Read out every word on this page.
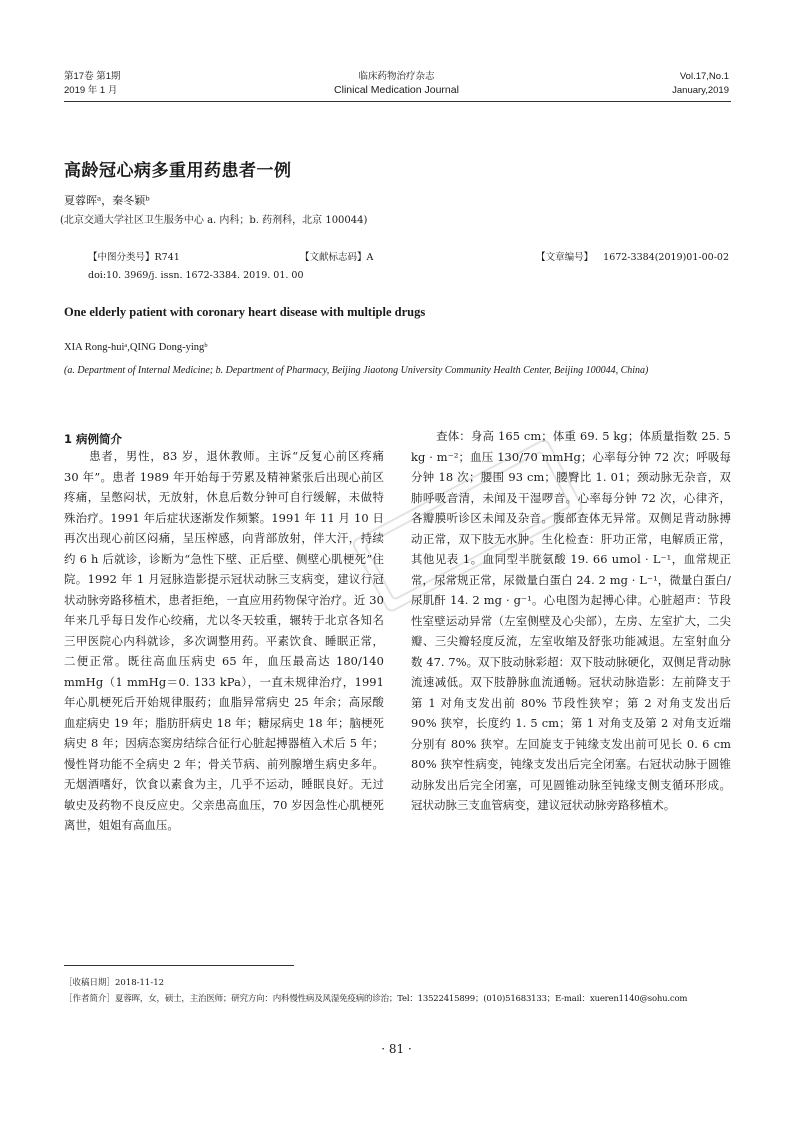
第17卷 第1期
2019 年 1 月
临床药物治疗杂志
Clinical Medication Journal
Vol.17,No.1
January,2019
高龄冠心病多重用药患者一例
夏蓉晖ᵃ，秦冬颖ᵇ
(北京交通大学社区卫生服务中心 a. 内科；b. 药剂科，北京 100044)
【中图分类号】R741	【文献标志码】A	【文章编号】 1672-3384(2019)01-00-02
doi:10. 3969/j. issn. 1672-3384. 2019. 01. 00
One elderly patient with coronary heart disease with multiple drugs
XIA Rong-huiᵃ,QING Dong-yingᵇ
(a. Department of Internal Medicine; b. Department of Pharmacy, Beijing Jiaotong University Community Health Center, Beijing 100044, China)
1 病例简介

患者，男性，83 岁，退休教师。主诉“反复心前区疼痛 30 年”。患者 1989 年开始每于劳累及精神紧张后出现心前区疼痛，呈憋闷状，无放射，休息后数分钟可自行缓解，未做特殊治疗。1991 年后症状逐渐发作频繁。1991 年 11 月 10 日再次出现心前区闷痛，呈压榨感，向背部放射，伴大汗，持续约 6 h 后就诊，诊断为“急性下壁、正后壁、侧壁心肌梗死”住院。1992 年 1 月冠脉造影提示冠状动脉三支病变，建议行冠状动脉旁路移植术，患者拒绝，一直应用药物保守治疗。近 30 年来几乎每日发作心绞痛，尤以冬天较重，辗转于北京各知名三甲医院心内科就诊，多次调整用药。平素饮食、睡眠正常，二便正常。既往高血压病史 65 年，血压最高达 180/140 mmHg（1 mmHg＝0. 133 kPa），一直未规律治疗，1991 年心肌梗死后开始规律服药；血脂异常病史 25 年余；高尿酸血症病史 19 年；脂肪肝病史 18 年；糖尿病史 18 年；脑梗死病史 8 年；因病态窦房结综合征行心脏起搏器植入术后 5 年；慢性肾功能不全病史 2 年；骨关节病、前列腺增生病史多年。无烟酒嗜好，饮食以素食为主，几乎不运动，睡眠良好。无过敏史及药物不良反应史。父亲患高血压，70 岁因急性心肌梗死离世，姐姐有高血压。

查体：身高 165 cm；体重 69. 5 kg；体质量指数 25. 5 kg · m⁻²；血压 130/70 mmHg；心率每分钟 72 次；呼吸每分钟 18 次；腰围 93 cm；腰臀比 1. 01；颈动脉无杂音，双肺呼吸音清，未闻及干湿啰音。心率每分钟 72 次，心律齐，各瓣膜听诊区未闻及杂音。腹部查体无异常。双侧足背动脉搏动正常，双下肢无水肿。生化检查：肝功正常，电解质正常，其他见表 1。血同型半胱氨酸 19. 66 umol · L⁻¹，血常规正常，尿常规正常，尿微量白蛋白 24. 2 mg · L⁻¹，微量白蛋白/尿肌酐 14. 2 mg · g⁻¹。心电图为起搏心律。心脏超声：节段性室壁运动异常（左室侧壁及心尖部），左房、左室扩大，二尖瓣、三尖瓣轻度反流，左室收缩及舒张功能减退。左室射血分数 47. 7%。双下肢动脉彩超：双下肢动脉硬化，双侧足背动脉流速减低。双下肢静脉血流通畅。冠状动脉造影：左前降支于第 1 对角支发出前 80% 节段性狭窄；第 2 对角支发出后 90% 狭窄，长度约 1. 5 cm；第 1 对角支及第 2 对角支近端分别有 80% 狭窄。左回旋支于钝缘支发出前可见长 0. 6 cm 80% 狭窄性病变，钝缘支发出后完全闭塞。右冠状动脉于圆锥动脉发出后完全闭塞，可见圆锥动脉至钝缘支侧支循环形成。冠状动脉三支血管病变，建议冠状动脉旁路移植术。

［收稿日期］2018-11-12
［作者简介］夏蓉晖，女，硕士，主治医师；研究方向：内科慢性病及风湿免疫病的诊治；Tel：13522415899；(010)51683133；E-mail：xueren1140@sohu.com
· 81 ·
